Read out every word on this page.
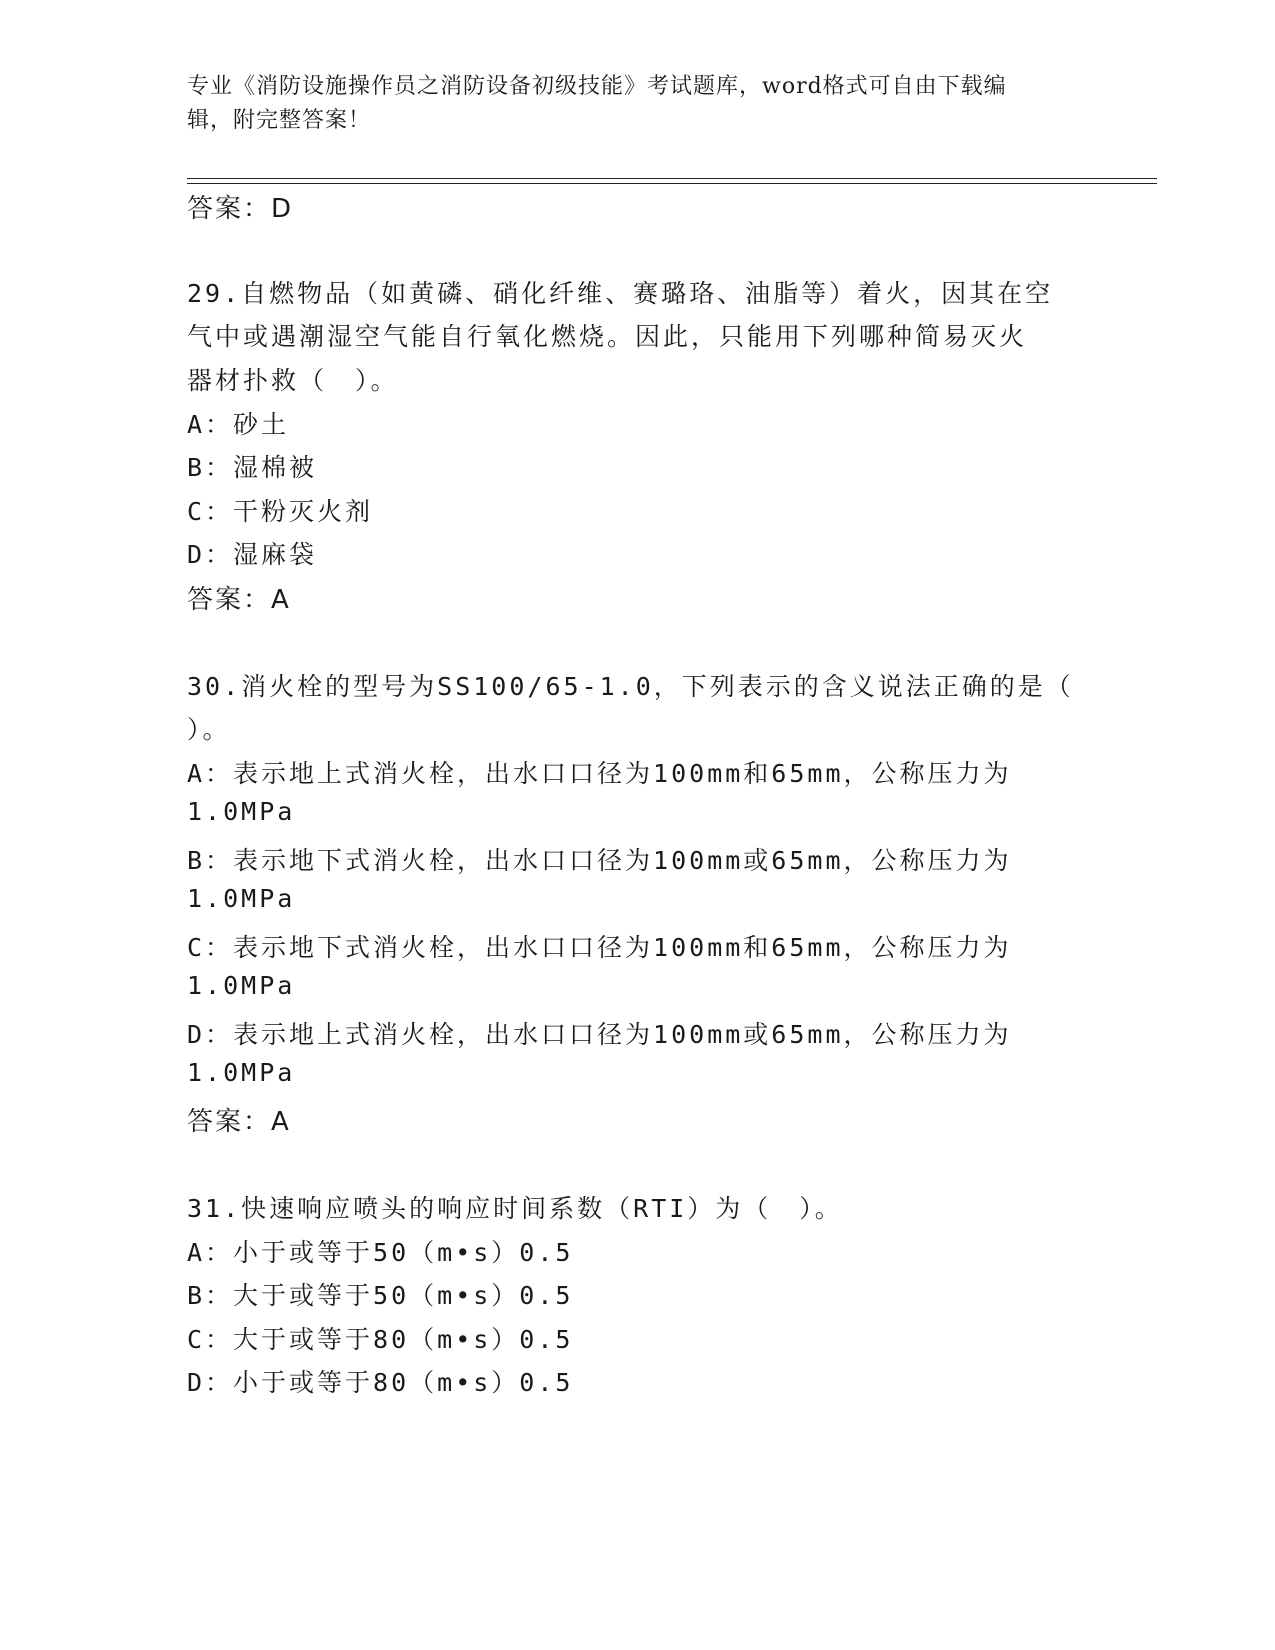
专业《消防设施操作员之消防设备初级技能》考试题库，word格式可自由下载编
辑，附完整答案！
答案：D
29.自燃物品（如黄磷、硝化纤维、赛璐珞、油脂等）着火，因其在空
气中或遇潮湿空气能自行氧化燃烧。因此，只能用下列哪种简易灭火
器材扑救（　）。
A：砂土
B：湿棉被
C：干粉灭火剂
D：湿麻袋
答案：A
30.消火栓的型号为SS100/65-1.0，下列表示的含义说法正确的是（
）。
A：表示地上式消火栓，出水口口径为100mm和65mm，公称压力为
1.0MPa
B：表示地下式消火栓，出水口口径为100mm或65mm，公称压力为
1.0MPa
C：表示地下式消火栓，出水口口径为100mm和65mm，公称压力为
1.0MPa
D：表示地上式消火栓，出水口口径为100mm或65mm，公称压力为
1.0MPa
答案：A
31.快速响应喷头的响应时间系数（RTI）为（　）。
A：小于或等于50（m•s）0.5
B：大于或等于50（m•s）0.5
C：大于或等于80（m•s）0.5
D：小于或等于80（m•s）0.5
